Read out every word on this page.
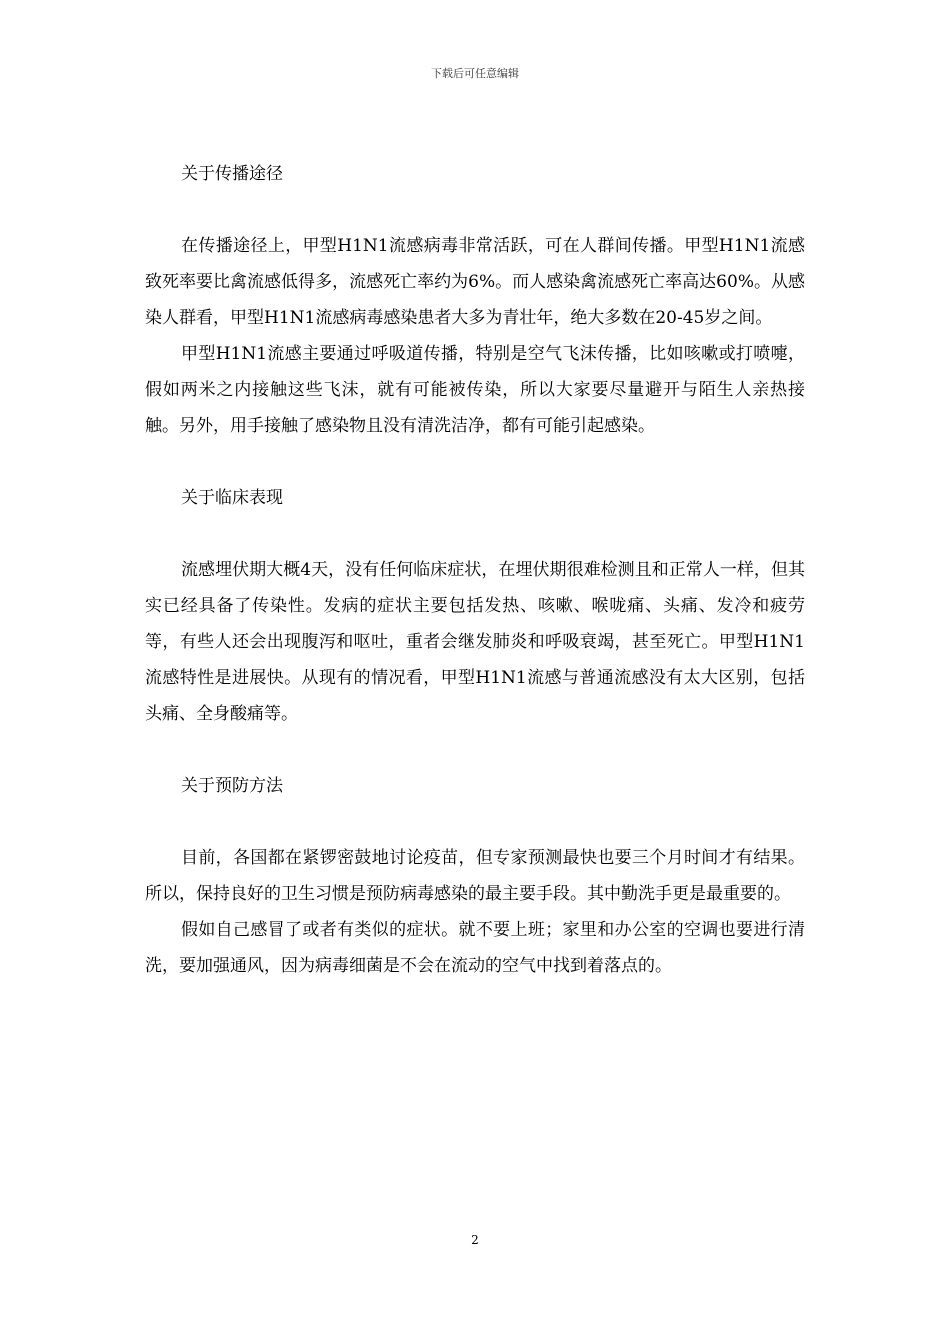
下载后可任意编辑
关于传播途径

在传播途径上，甲型H1N1流感病毒非常活跃，可在人群间传播。甲型H1N1流感致死率要比禽流感低得多，流感死亡率约为6%。而人感染禽流感死亡率高达60%。从感染人群看，甲型H1N1流感病毒感染患者大多为青壮年，绝大多数在20-45岁之间。

甲型H1N1流感主要通过呼吸道传播，特别是空气飞沫传播，比如咳嗽或打喷嚏，假如两米之内接触这些飞沫，就有可能被传染，所以大家要尽量避开与陌生人亲热接触。另外，用手接触了感染物且没有清洗洁净，都有可能引起感染。

关于临床表现

流感埋伏期大概4天，没有任何临床症状，在埋伏期很难检测且和正常人一样，但其实已经具备了传染性。发病的症状主要包括发热、咳嗽、喉咙痛、头痛、发冷和疲劳等，有些人还会出现腹泻和呕吐，重者会继发肺炎和呼吸衰竭，甚至死亡。甲型H1N1流感特性是进展快。从现有的情况看，甲型H1N1流感与普通流感没有太大区别，包括头痛、全身酸痛等。

关于预防方法

目前，各国都在紧锣密鼓地讨论疫苗，但专家预测最快也要三个月时间才有结果。所以，保持良好的卫生习惯是预防病毒感染的最主要手段。其中勤洗手更是最重要的。

假如自己感冒了或者有类似的症状。就不要上班；家里和办公室的空调也要进行清洗，要加强通风，因为病毒细菌是不会在流动的空气中找到着落点的。

2
